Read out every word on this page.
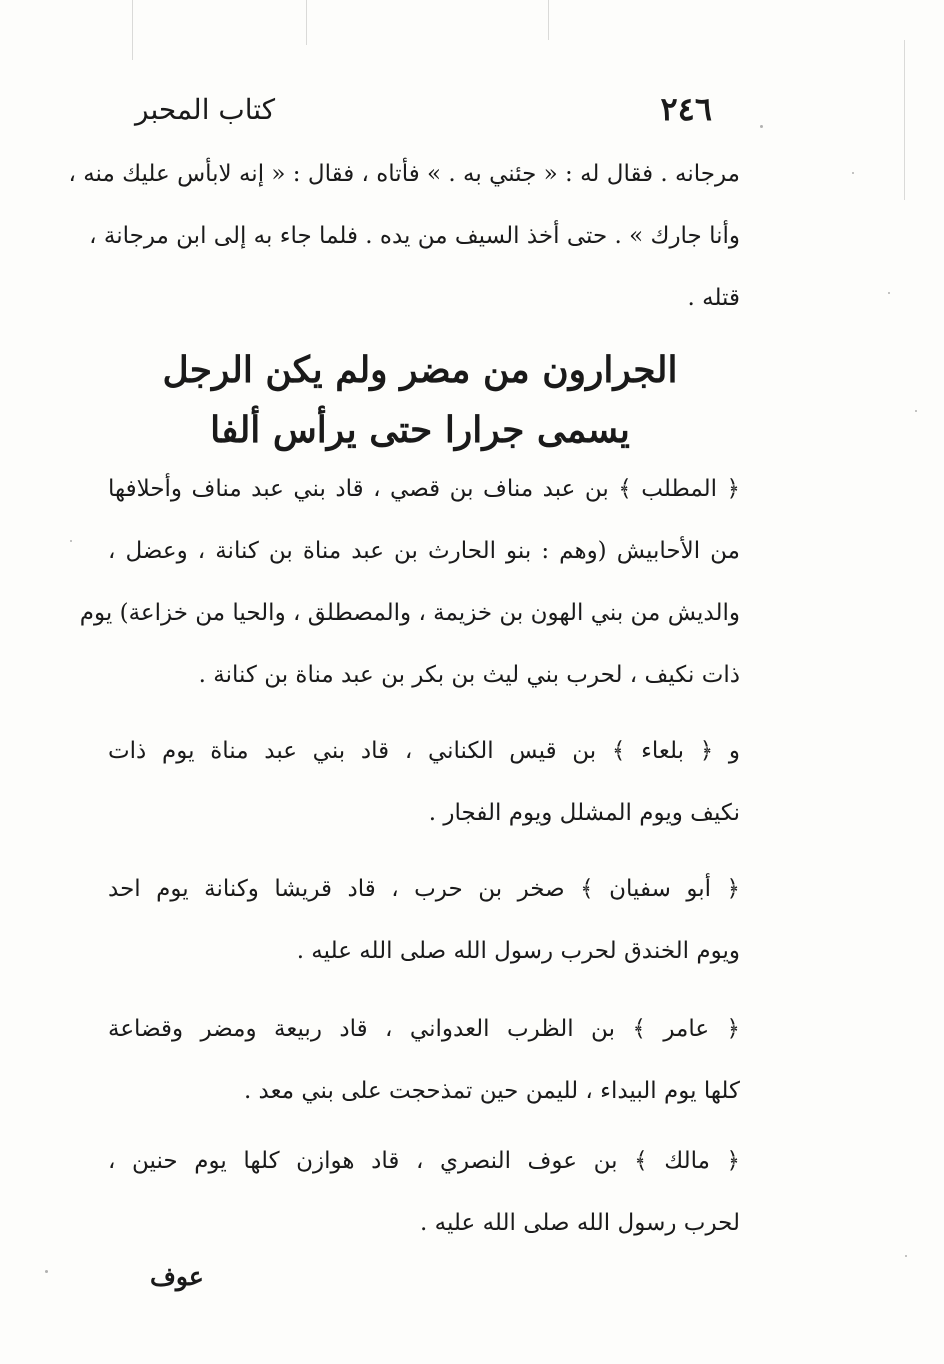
٢٤٦
كتاب المحبر
مرجانه . فقال له : « جئني به . » فأتاه ، فقال : « إنه لابأس عليك منه ،
وأنا جارك » . حتى أخذ السيف من يده . فلما جاء به إلى ابن مرجانة ،
قتله .
الجرارون من مضر ولم يكن الرجل
يسمى جرارا حتى يرأس ألفا
﴿ المطلب ﴾ بن عبد مناف بن قصي ، قاد بني عبد مناف وأحلافها
من الأحابيش (وهم : بنو الحارث بن عبد مناة بن كنانة ، وعضل ،
والديش من بني الهون بن خزيمة ، والمصطلق ، والحيا من خزاعة) يوم
ذات نكيف ، لحرب بني ليث بن بكر بن عبد مناة بن كنانة .
و ﴿ بلعاء ﴾ بن قيس الكناني ، قاد بني عبد مناة يوم ذات
نكيف ويوم المشلل ويوم الفجار .
﴿ أبو سفيان ﴾ صخر بن حرب ، قاد قريشا وكنانة يوم احد
ويوم الخندق لحرب رسول الله صلى الله عليه .
﴿ عامر ﴾ بن الظرب العدواني ، قاد ربيعة ومضر وقضاعة
كلها يوم البيداء ، لليمن حين تمذحجت على بني معد .
﴿ مالك ﴾ بن عوف النصري ، قاد هوازن كلها يوم حنين ،
لحرب رسول الله صلى الله عليه .
عوف
